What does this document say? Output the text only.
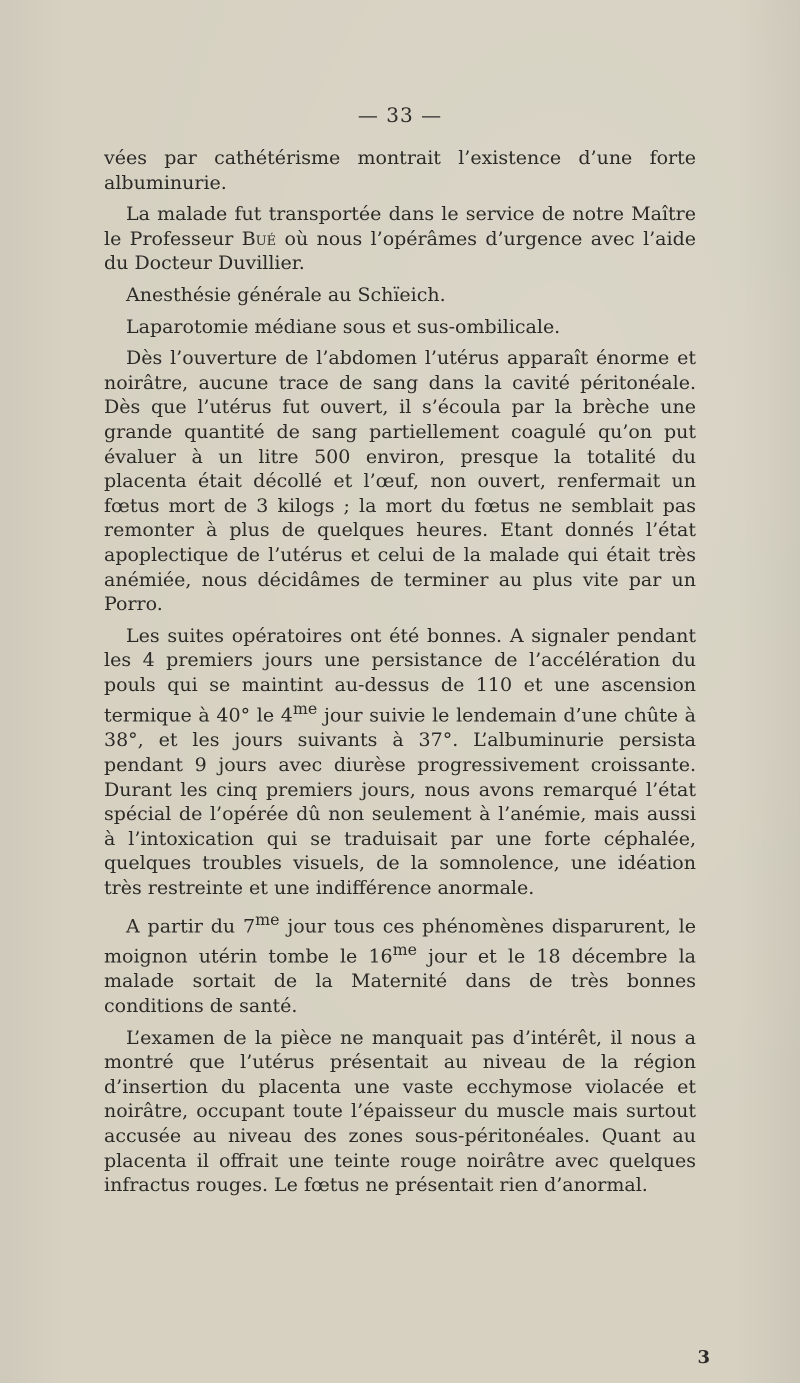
— 33 —

vées par cathétérisme montrait l’existence d’une forte albuminurie.

La malade fut transportée dans le service de notre Maître le Professeur Bué où nous l’opérâmes d’urgence avec l’aide du Docteur Duvillier.

Anesthésie générale au Schïeich.

Laparotomie médiane sous et sus-ombilicale.

Dès l’ouverture de l’abdomen l’utérus apparaît énorme et noirâtre, aucune trace de sang dans la cavité péritonéale. Dès que l’utérus fut ouvert, il s’écoula par la brèche une grande quantité de sang partiellement coagulé qu’on put évaluer à un litre 500 environ, presque la totalité du placenta était décollé et l’œuf, non ouvert, renfermait un fœtus mort de 3 kilogs ; la mort du fœtus ne semblait pas remonter à plus de quelques heures. Etant donnés l’état apoplectique de l’utérus et celui de la malade qui était très anémiée, nous décidâmes de terminer au plus vite par un Porro.

Les suites opératoires ont été bonnes. A signaler pendant les 4 premiers jours une persistance de l’accélération du pouls qui se maintint au-dessus de 110 et une ascension termique à 40° le $4^{me}$ jour suivie le lendemain d’une chûte à 38°, et les jours suivants à 37°. L’albuminurie persista pendant 9 jours avec diurèse progressivement croissante. Durant les cinq premiers jours, nous avons remarqué l’état spécial de l’opérée dû non seulement à l’anémie, mais aussi à l’intoxication qui se traduisait par une forte céphalée, quelques troubles visuels, de la somnolence, une idéation très restreinte et une indifférence anormale.

A partir du $7^{me}$ jour tous ces phénomènes disparurent, le moignon utérin tombe le $16^{me}$ jour et le 18 décembre la malade sortait de la Maternité dans de très bonnes conditions de santé.

L’examen de la pièce ne manquait pas d’intérêt, il nous a montré que l’utérus présentait au niveau de la région d’insertion du placenta une vaste ecchymose violacée et noirâtre, occupant toute l’épaisseur du muscle mais surtout accusée au niveau des zones sous-péritonéales. Quant au placenta il offrait une teinte rouge noirâtre avec quelques infractus rouges. Le fœtus ne présentait rien d’anormal.

3
